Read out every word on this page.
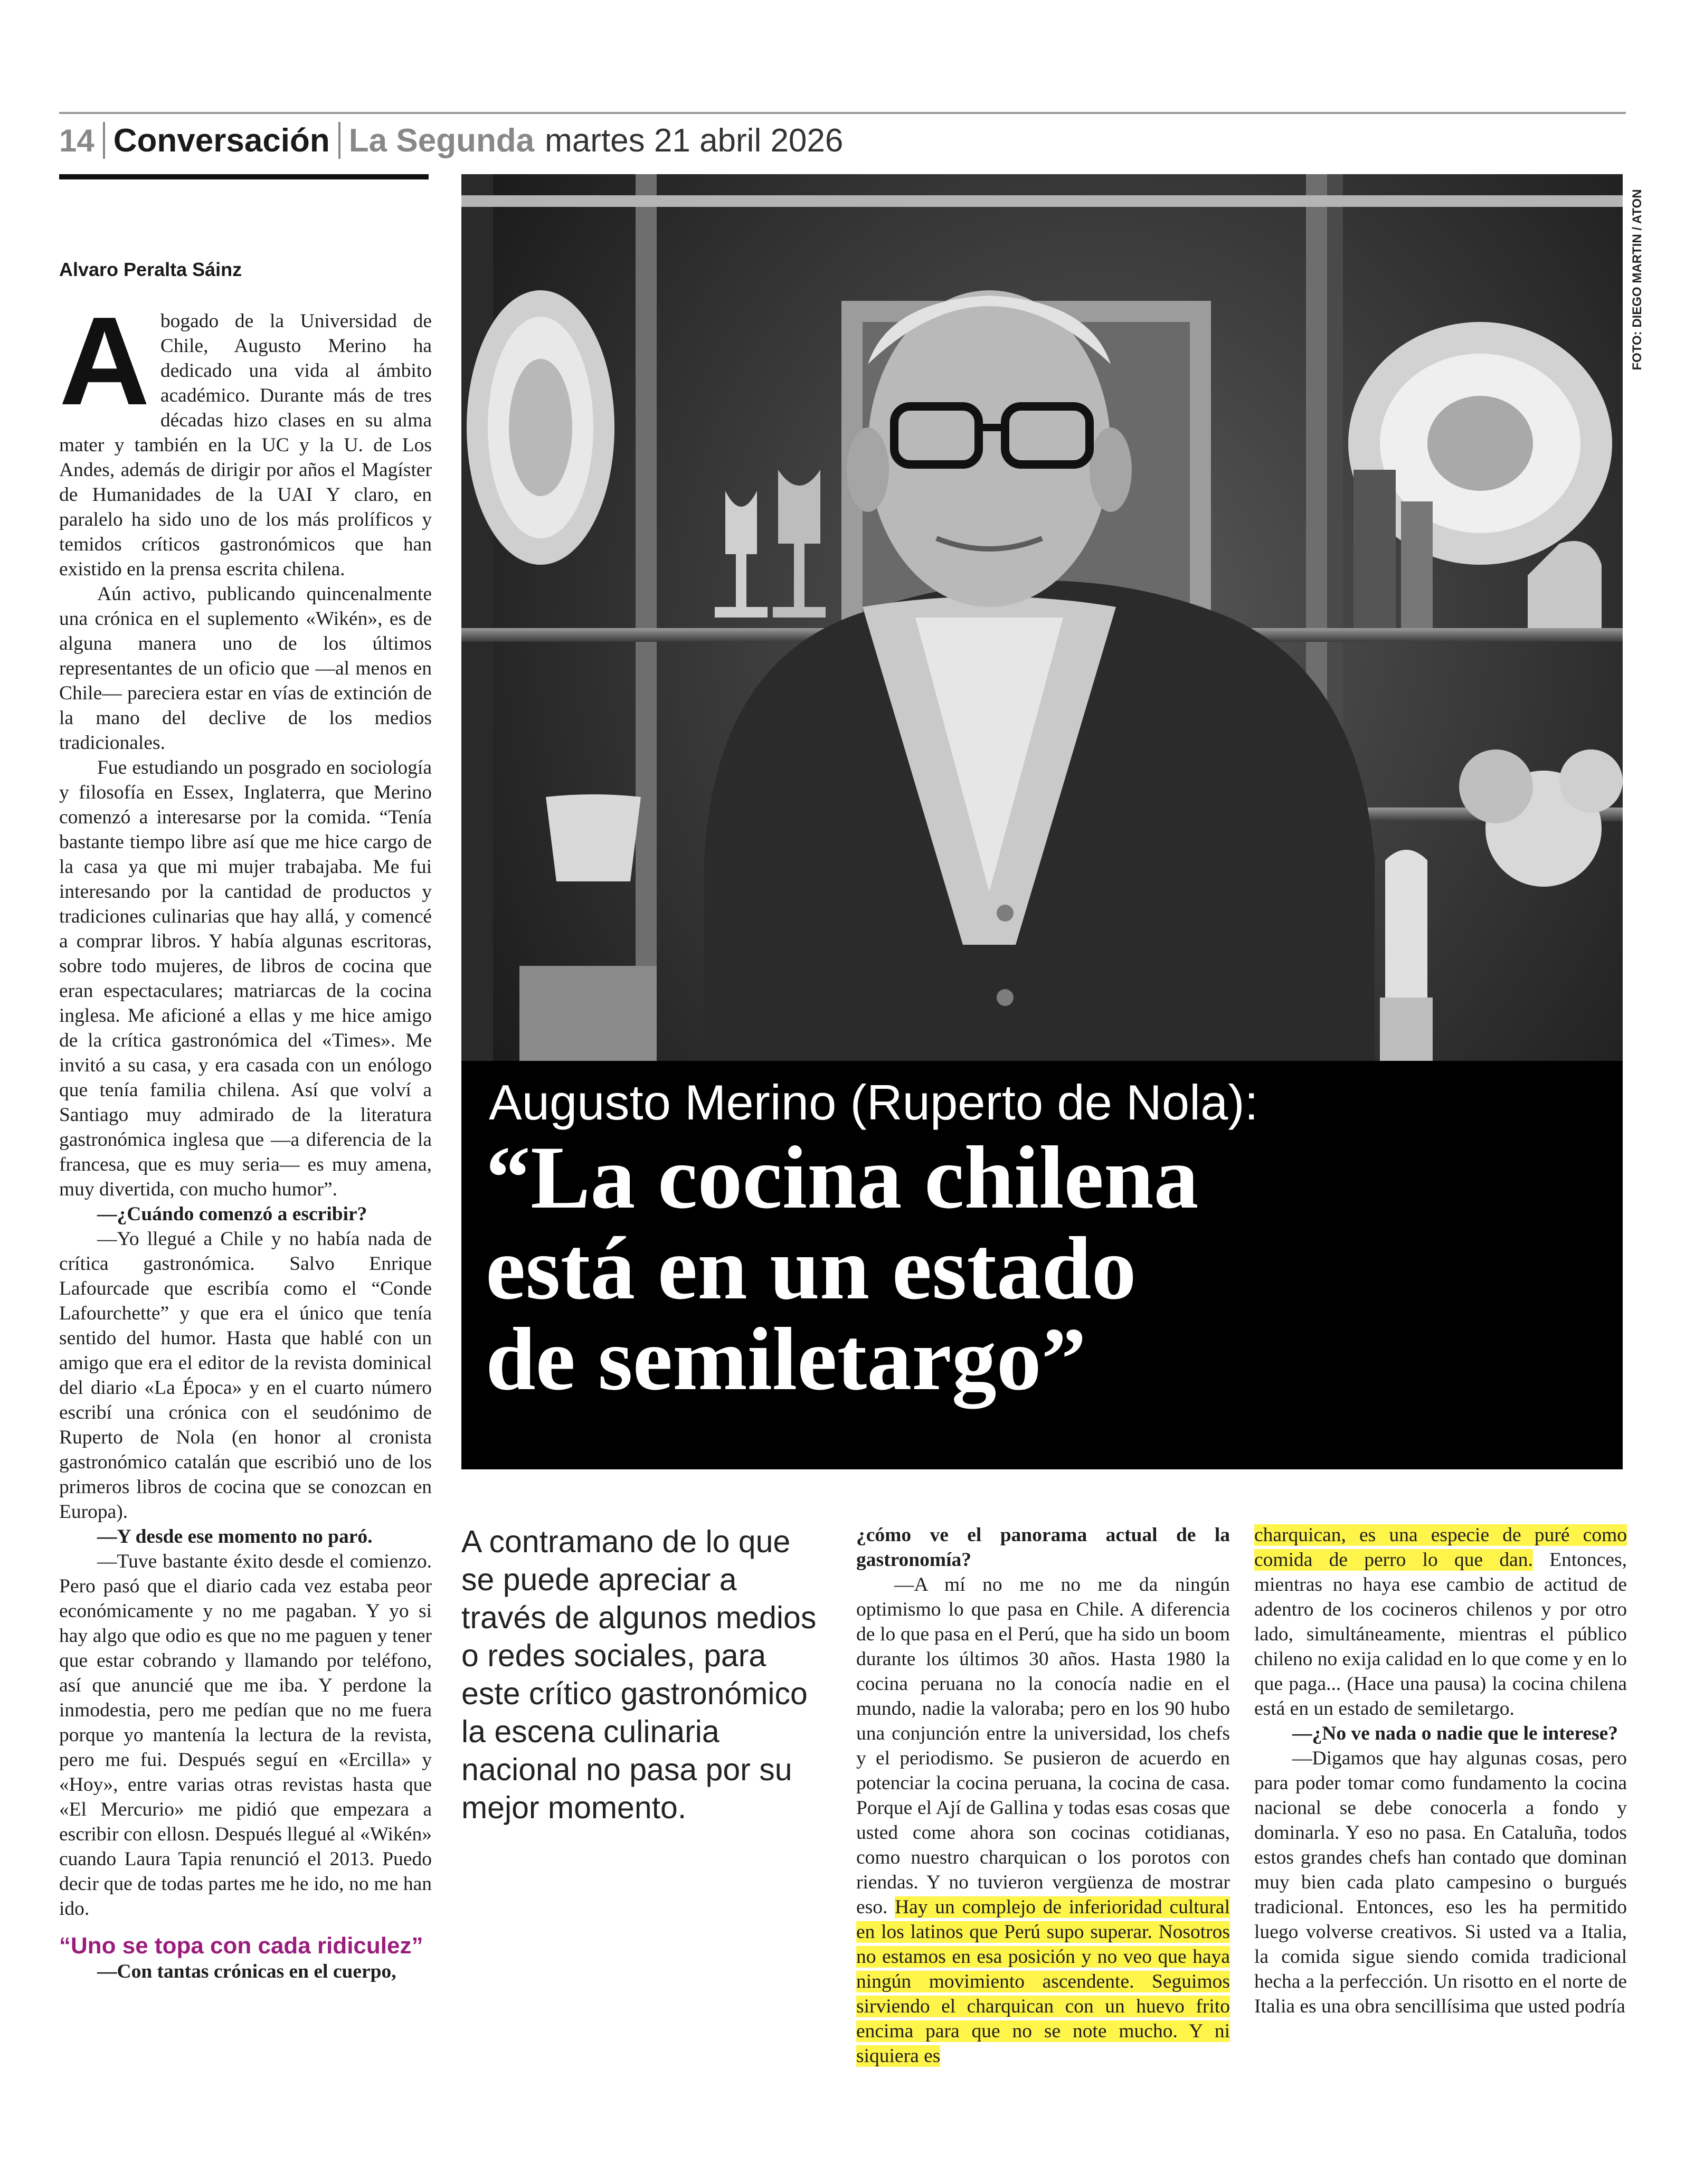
14 Conversación La Segunda martes 21 abril 2026
FOTO: DIEGO MARTIN / ATON
Augusto Merino (Ruperto de Nola):
“La cocina chilena
está en un estado
de semiletargo”
Alvaro Peralta Sáinz

Abogado de la Universidad de Chile, Augusto Merino ha dedicado una vida al ámbito académico. Durante más de tres décadas hizo clases en su alma mater y también en la UC y la U. de Los Andes, además de dirigir por años el Magíster de Humanidades de la UAI Y claro, en paralelo ha sido uno de los más prolíficos y temidos críticos gastronómicos que han existido en la prensa escrita chilena.

Aún activo, publicando quincenalmente una crónica en el suplemento «Wikén», es de alguna manera uno de los últimos representantes de un oficio que —al menos en Chile— pareciera estar en vías de extinción de la mano del declive de los medios tradicionales.

Fue estudiando un posgrado en sociología y filosofía en Essex, Inglaterra, que Merino comenzó a interesarse por la comida. “Tenía bastante tiempo libre así que me hice cargo de la casa ya que mi mujer trabajaba. Me fui interesando por la cantidad de productos y tradiciones culinarias que hay allá, y comencé a comprar libros. Y había algunas escritoras, sobre todo mujeres, de libros de cocina que eran espectaculares; matriarcas de la cocina inglesa. Me aficioné a ellas y me hice amigo de la crítica gastronómica del «Times». Me invitó a su casa, y era casada con un enólogo que tenía familia chilena. Así que volví a Santiago muy admirado de la literatura gastronómica inglesa que —a diferencia de la francesa, que es muy seria— es muy amena, muy divertida, con mucho humor”.

—¿Cuándo comenzó a escribir?

—Yo llegué a Chile y no había nada de crítica gastronómica. Salvo Enrique Lafourcade que escribía como el “Conde Lafourchette” y que era el único que tenía sentido del humor. Hasta que hablé con un amigo que era el editor de la revista dominical del diario «La Época» y en el cuarto número escribí una crónica con el seudónimo de Ruperto de Nola (en honor al cronista gastronómico catalán que escribió uno de los primeros libros de cocina que se conozcan en Europa).

—Y desde ese momento no paró.

—Tuve bastante éxito desde el comienzo. Pero pasó que el diario cada vez estaba peor económicamente y no me pagaban. Y yo si hay algo que odio es que no me paguen y tener que estar cobrando y llamando por teléfono, así que anuncié que me iba. Y perdone la inmodestia, pero me pedían que no me fuera porque yo mantenía la lectura de la revista, pero me fui. Después seguí en «Ercilla» y «Hoy», entre varias otras revistas hasta que «El Mercurio» me pidió que empezara a escribir con ellosn. Después llegué al «Wikén» cuando Laura Tapia renunció el 2013. Puedo decir que de todas partes me he ido, no me han ido.

“Uno se topa con cada ridiculez”

—Con tantas crónicas en el cuerpo,

A contramano de lo que se puede apreciar a través de algunos medios o redes sociales, para este crítico gastronómico la escena culinaria nacional no pasa por su mejor momento.

¿cómo ve el panorama actual de la gastronomía?

—A mí no me no me da ningún optimismo lo que pasa en Chile. A diferencia de lo que pasa en el Perú, que ha sido un boom durante los últimos 30 años. Hasta 1980 la cocina peruana no la conocía nadie en el mundo, nadie la valoraba; pero en los 90 hubo una conjunción entre la universidad, los chefs y el periodismo. Se pusieron de acuerdo en potenciar la cocina peruana, la cocina de casa. Porque el Ají de Gallina y todas esas cosas que usted come ahora son cocinas cotidianas, como nuestro charquican o los porotos con riendas. Y no tuvieron vergüenza de mostrar eso. Hay un complejo de inferioridad cultural en los latinos que Perú supo superar. Nosotros no estamos en esa posición y no veo que haya ningún movimiento ascendente. Seguimos sirviendo el charquican con un huevo frito encima para que no se note mucho. Y ni siquiera es

charquican, es una especie de puré como comida de perro lo que dan. Entonces, mientras no haya ese cambio de actitud de adentro de los cocineros chilenos y por otro lado, simultáneamente, mientras el público chileno no exija calidad en lo que come y en lo que paga... (Hace una pausa) la cocina chilena está en un estado de semiletargo.

—¿No ve nada o nadie que le interese?

—Digamos que hay algunas cosas, pero para poder tomar como fundamento la cocina nacional se debe conocerla a fondo y dominarla. Y eso no pasa. En Cataluña, todos estos grandes chefs han contado que dominan muy bien cada plato campesino o burgués tradicional. Entonces, eso les ha permitido luego volverse creativos. Si usted va a Italia, la comida sigue siendo comida tradicional hecha a la perfección. Un risotto en el norte de Italia es una obra sencillísima que usted podría
